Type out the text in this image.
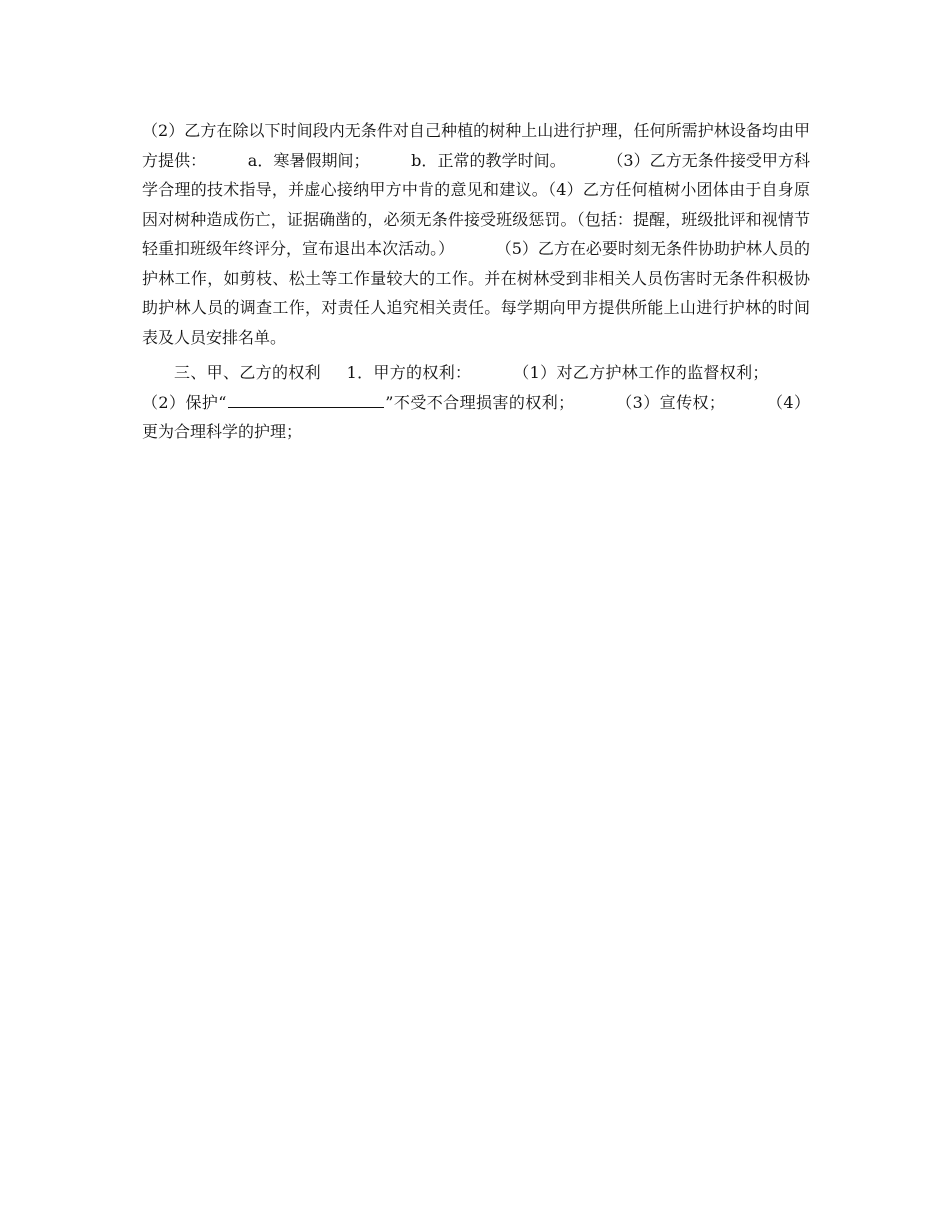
（2）乙方在除以下时间段内无条件对自己种植的树种上山进行护理，任何所需护林设备均由甲方提供：	a．寒暑假期间；	b．正常的教学时间。	（3）乙方无条件接受甲方科学合理的技术指导，并虚心接纳甲方中肯的意见和建议。（4）乙方任何植树小团体由于自身原因对树种造成伤亡，证据确凿的，必须无条件接受班级惩罚。（包括：提醒，班级批评和视情节轻重扣班级年终评分，宣布退出本次活动。）	（5）乙方在必要时刻无条件协助护林人员的护林工作，如剪枝、松土等工作量较大的工作。并在树林受到非相关人员伤害时无条件积极协助护林人员的调查工作，对责任人追究相关责任。每学期向甲方提供所能上山进行护林的时间表及人员安排名单。

三、甲、乙方的权利 1．甲方的权利：	（1）对乙方护林工作的监督权利；（2）保护“	”不受不合理损害的权利；	（3）宣传权；	（4）更为合理科学的护理；
